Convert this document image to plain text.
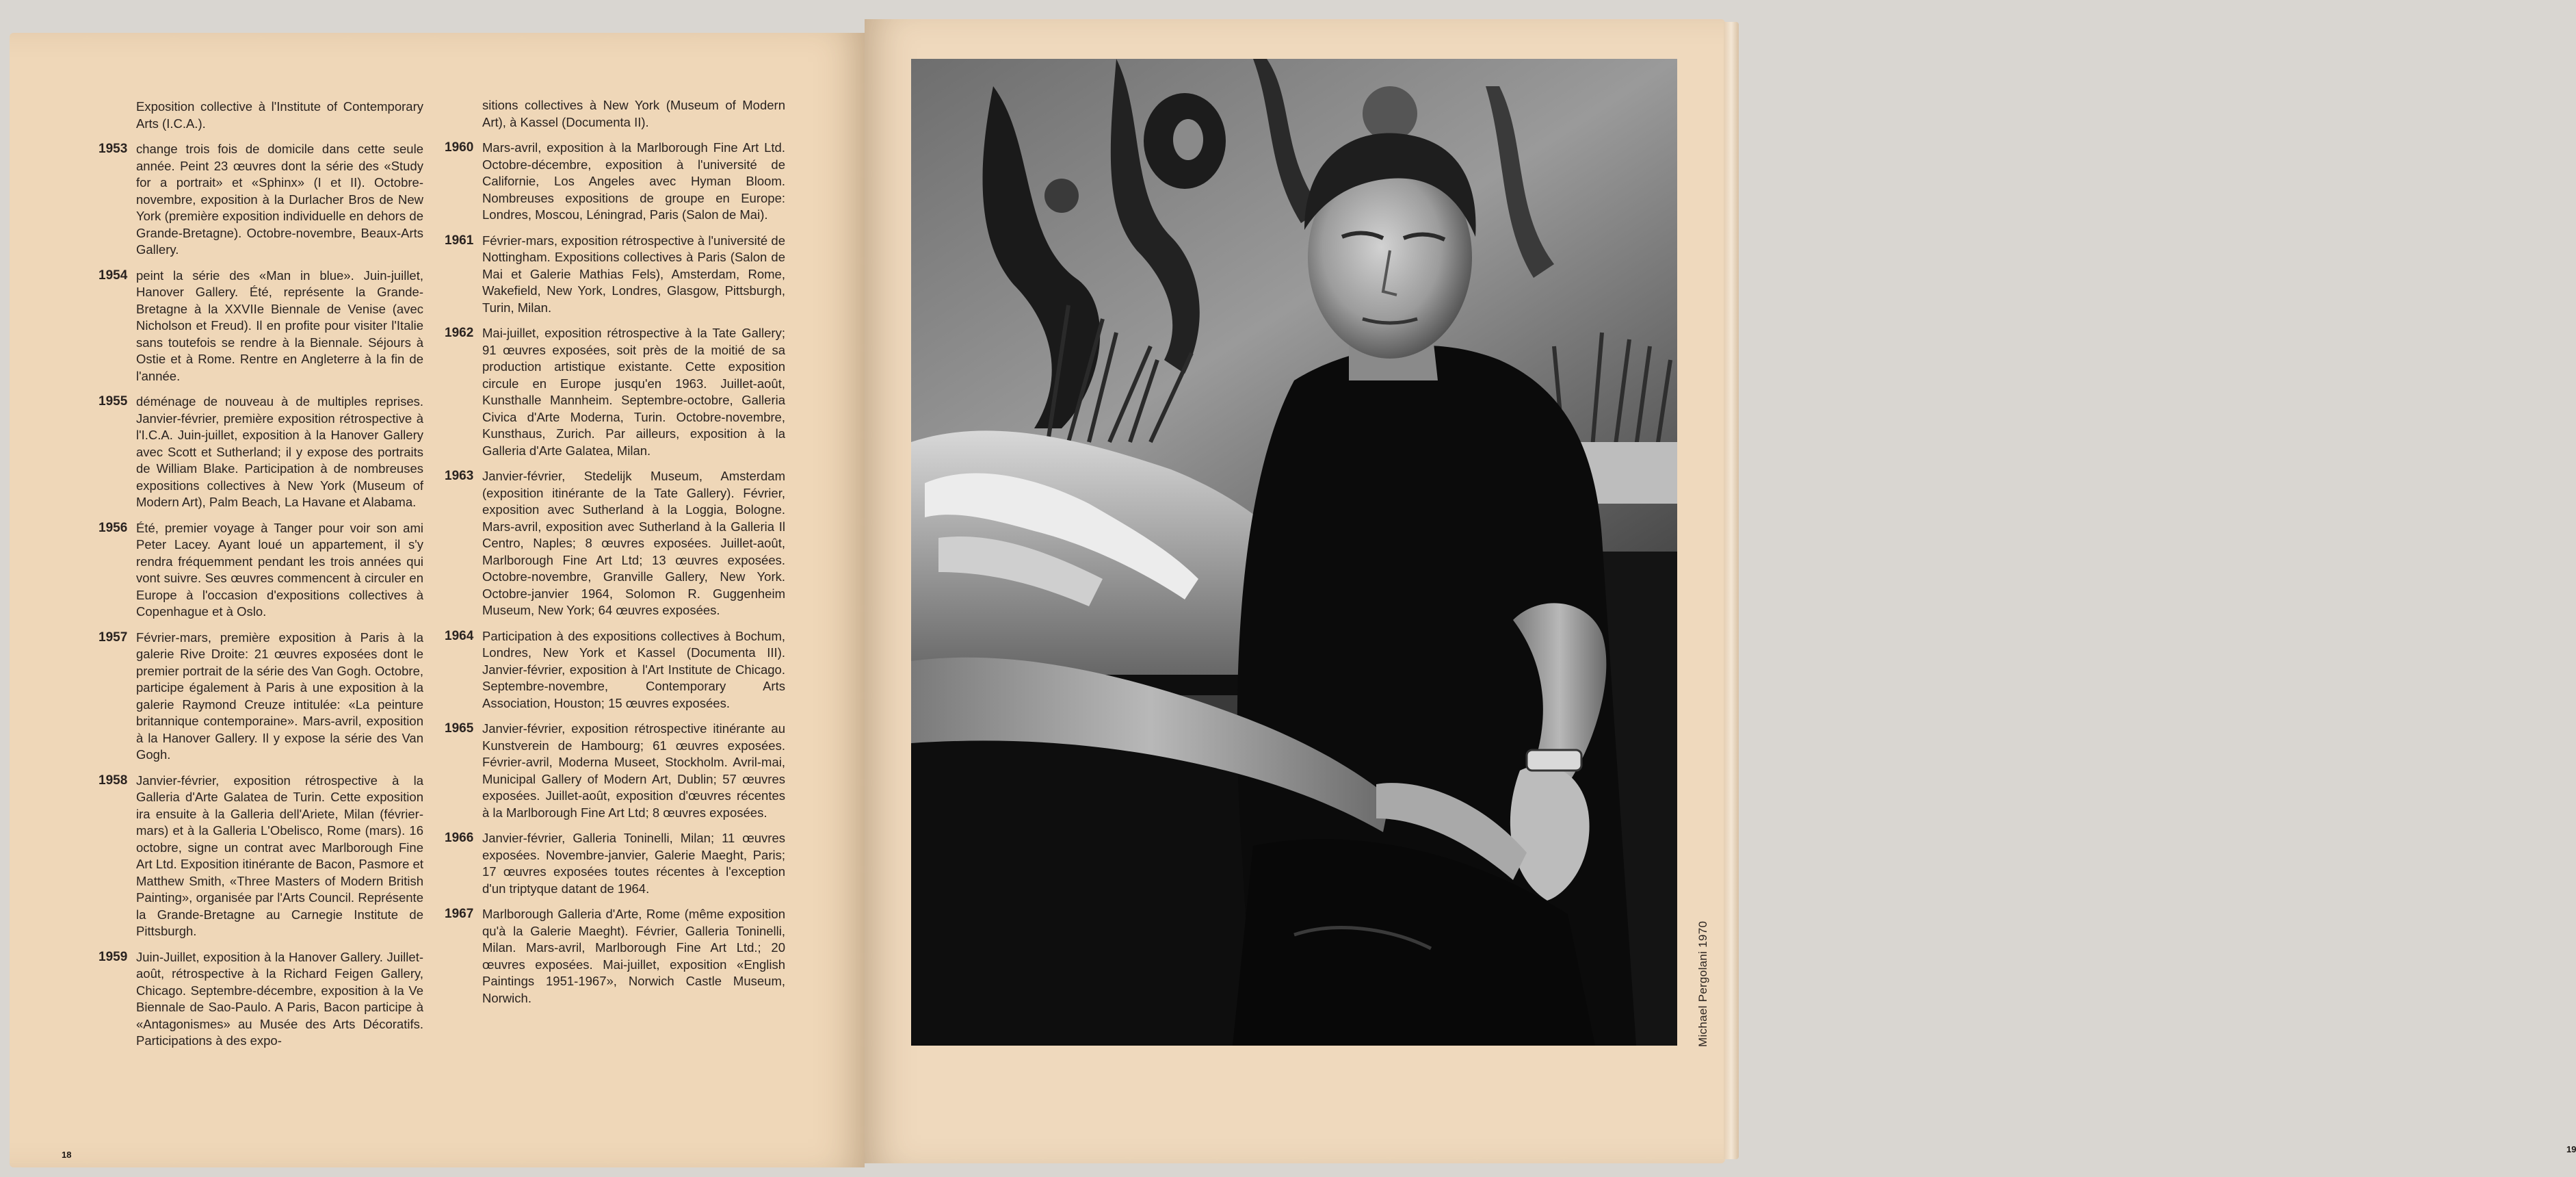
Exposition collective à l'Institute of Contemporary Arts (I.C.A.).
1953 change trois fois de domicile dans cette seule année. Peint 23 œuvres dont la série des «Study for a portrait» et «Sphinx» (I et II). Octobre-novembre, exposition à la Durlacher Bros de New York (première exposition individuelle en dehors de Grande-Bretagne). Octobre-novembre, Beaux-Arts Gallery.
1954 peint la série des «Man in blue». Juin-juillet, Hanover Gallery. Été, représente la Grande-Bretagne à la XXVIIe Biennale de Venise (avec Nicholson et Freud). Il en profite pour visiter l'Italie sans toutefois se rendre à la Biennale. Séjours à Ostie et à Rome. Rentre en Angleterre à la fin de l'année.
1955 déménage de nouveau à de multiples reprises. Janvier-février, première exposition rétrospective à l'I.C.A. Juin-juillet, exposition à la Hanover Gallery avec Scott et Sutherland; il y expose des portraits de William Blake. Participation à de nombreuses expositions collectives à New York (Museum of Modern Art), Palm Beach, La Havane et Alabama.
1956 Été, premier voyage à Tanger pour voir son ami Peter Lacey. Ayant loué un appartement, il s'y rendra fréquemment pendant les trois années qui vont suivre. Ses œuvres commencent à circuler en Europe à l'occasion d'expositions collectives à Copenhague et à Oslo.
1957 Février-mars, première exposition à Paris à la galerie Rive Droite: 21 œuvres exposées dont le premier portrait de la série des Van Gogh. Octobre, participe également à Paris à une exposition à la galerie Raymond Creuze intitulée: «La peinture britannique contemporaine». Mars-avril, exposition à la Hanover Gallery. Il y expose la série des Van Gogh.
1958 Janvier-février, exposition rétrospective à la Galleria d'Arte Galatea de Turin. Cette exposition ira ensuite à la Galleria dell'Ariete, Milan (février-mars) et à la Galleria L'Obelisco, Rome (mars). 16 octobre, signe un contrat avec Marlborough Fine Art Ltd. Exposition itinérante de Bacon, Pasmore et Matthew Smith, «Three Masters of Modern British Painting», organisée par l'Arts Council. Représente la Grande-Bretagne au Carnegie Institute de Pittsburgh.
1959 Juin-Juillet, exposition à la Hanover Gallery. Juillet-août, rétrospective à la Richard Feigen Gallery, Chicago. Septembre-décembre, exposition à la Ve Biennale de Sao-Paulo. A Paris, Bacon participe à «Antagonismes» au Musée des Arts Décoratifs. Participations à des expo-
sitions collectives à New York (Museum of Modern Art), à Kassel (Documenta II).
1960 Mars-avril, exposition à la Marlborough Fine Art Ltd. Octobre-décembre, exposition à l'université de Californie, Los Angeles avec Hyman Bloom. Nombreuses expositions de groupe en Europe: Londres, Moscou, Léningrad, Paris (Salon de Mai).
1961 Février-mars, exposition rétrospective à l'université de Nottingham. Expositions collectives à Paris (Salon de Mai et Galerie Mathias Fels), Amsterdam, Rome, Wakefield, New York, Londres, Glasgow, Pittsburgh, Turin, Milan.
1962 Mai-juillet, exposition rétrospective à la Tate Gallery; 91 œuvres exposées, soit près de la moitié de sa production artistique existante. Cette exposition circule en Europe jusqu'en 1963. Juillet-août, Kunsthalle Mannheim. Septembre-octobre, Galleria Civica d'Arte Moderna, Turin. Octobre-novembre, Kunsthaus, Zurich. Par ailleurs, exposition à la Galleria d'Arte Galatea, Milan.
1963 Janvier-février, Stedelijk Museum, Amsterdam (exposition itinérante de la Tate Gallery). Février, exposition avec Sutherland à la Loggia, Bologne. Mars-avril, exposition avec Sutherland à la Galleria Il Centro, Naples; 8 œuvres exposées. Juillet-août, Marlborough Fine Art Ltd; 13 œuvres exposées. Octobre-novembre, Granville Gallery, New York. Octobre-janvier 1964, Solomon R. Guggenheim Museum, New York; 64 œuvres exposées.
1964 Participation à des expositions collectives à Bochum, Londres, New York et Kassel (Documenta III). Janvier-février, exposition à l'Art Institute de Chicago. Septembre-novembre, Contemporary Arts Association, Houston; 15 œuvres exposées.
1965 Janvier-février, exposition rétrospective itinérante au Kunstverein de Hambourg; 61 œuvres exposées. Février-avril, Moderna Museet, Stockholm. Avril-mai, Municipal Gallery of Modern Art, Dublin; 57 œuvres exposées. Juillet-août, exposition d'œuvres récentes à la Marlborough Fine Art Ltd; 8 œuvres exposées.
1966 Janvier-février, Galleria Toninelli, Milan; 11 œuvres exposées. Novembre-janvier, Galerie Maeght, Paris; 17 œuvres exposées toutes récentes à l'exception d'un triptyque datant de 1964.
1967 Marlborough Galleria d'Arte, Rome (même exposition qu'à la Galerie Maeght). Février, Galleria Toninelli, Milan. Mars-avril, Marlborough Fine Art Ltd.; 20 œuvres exposées. Mai-juillet, exposition «English Paintings 1951-1967», Norwich Castle Museum, Norwich.
18
19
Michael Pergolani 1970
